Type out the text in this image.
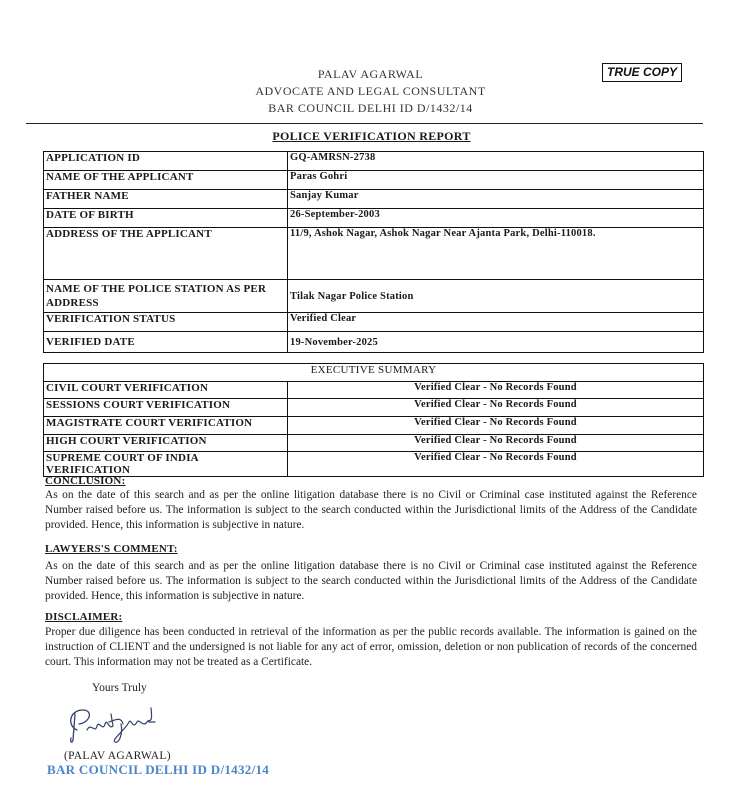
PALAV AGARWAL
ADVOCATE AND LEGAL CONSULTANT
BAR COUNCIL DELHI ID D/1432/14
TRUE COPY
POLICE VERIFICATION REPORT
APPLICATION ID	GQ-AMRSN-2738
NAME OF THE APPLICANT	Paras Gohri
FATHER NAME	Sanjay Kumar
DATE OF BIRTH	26-September-2003
ADDRESS OF THE APPLICANT	11/9, Ashok Nagar, Ashok Nagar Near Ajanta Park, Delhi-110018.
NAME OF THE POLICE STATION AS PER ADDRESS	Tilak Nagar Police Station
VERIFICATION STATUS	Verified Clear
VERIFIED DATE	19-November-2025
EXECUTIVE SUMMARY	
CIVIL COURT VERIFICATION	Verified Clear - No Records Found
SESSIONS COURT VERIFICATION	Verified Clear - No Records Found
MAGISTRATE COURT VERIFICATION	Verified Clear - No Records Found
HIGH COURT VERIFICATION	Verified Clear - No Records Found
SUPREME COURT OF INDIA VERIFICATION	Verified Clear - No Records Found
CONCLUSION:
As on the date of this search and as per the online litigation database there is no Civil or Criminal case instituted against the Reference Number raised before us. The information is subject to the search conducted within the Jurisdictional limits of the Address of the Candidate provided. Hence, this information is subjective in nature.
LAWYERS'S COMMENT:
As on the date of this search and as per the online litigation database there is no Civil or Criminal case instituted against the Reference Number raised before us. The information is subject to the search conducted within the Jurisdictional limits of the Address of the Candidate provided. Hence, this information is subjective in nature.
DISCLAIMER:
Proper due diligence has been conducted in retrieval of the information as per the public records available. The information is gained on the instruction of CLIENT and the undersigned is not liable for any act of error, omission, deletion or non publication of records of the concerned court. This information may not be treated as a Certificate.
Yours Truly
(PALAV AGARWAL)
BAR COUNCIL DELHI ID D/1432/14
